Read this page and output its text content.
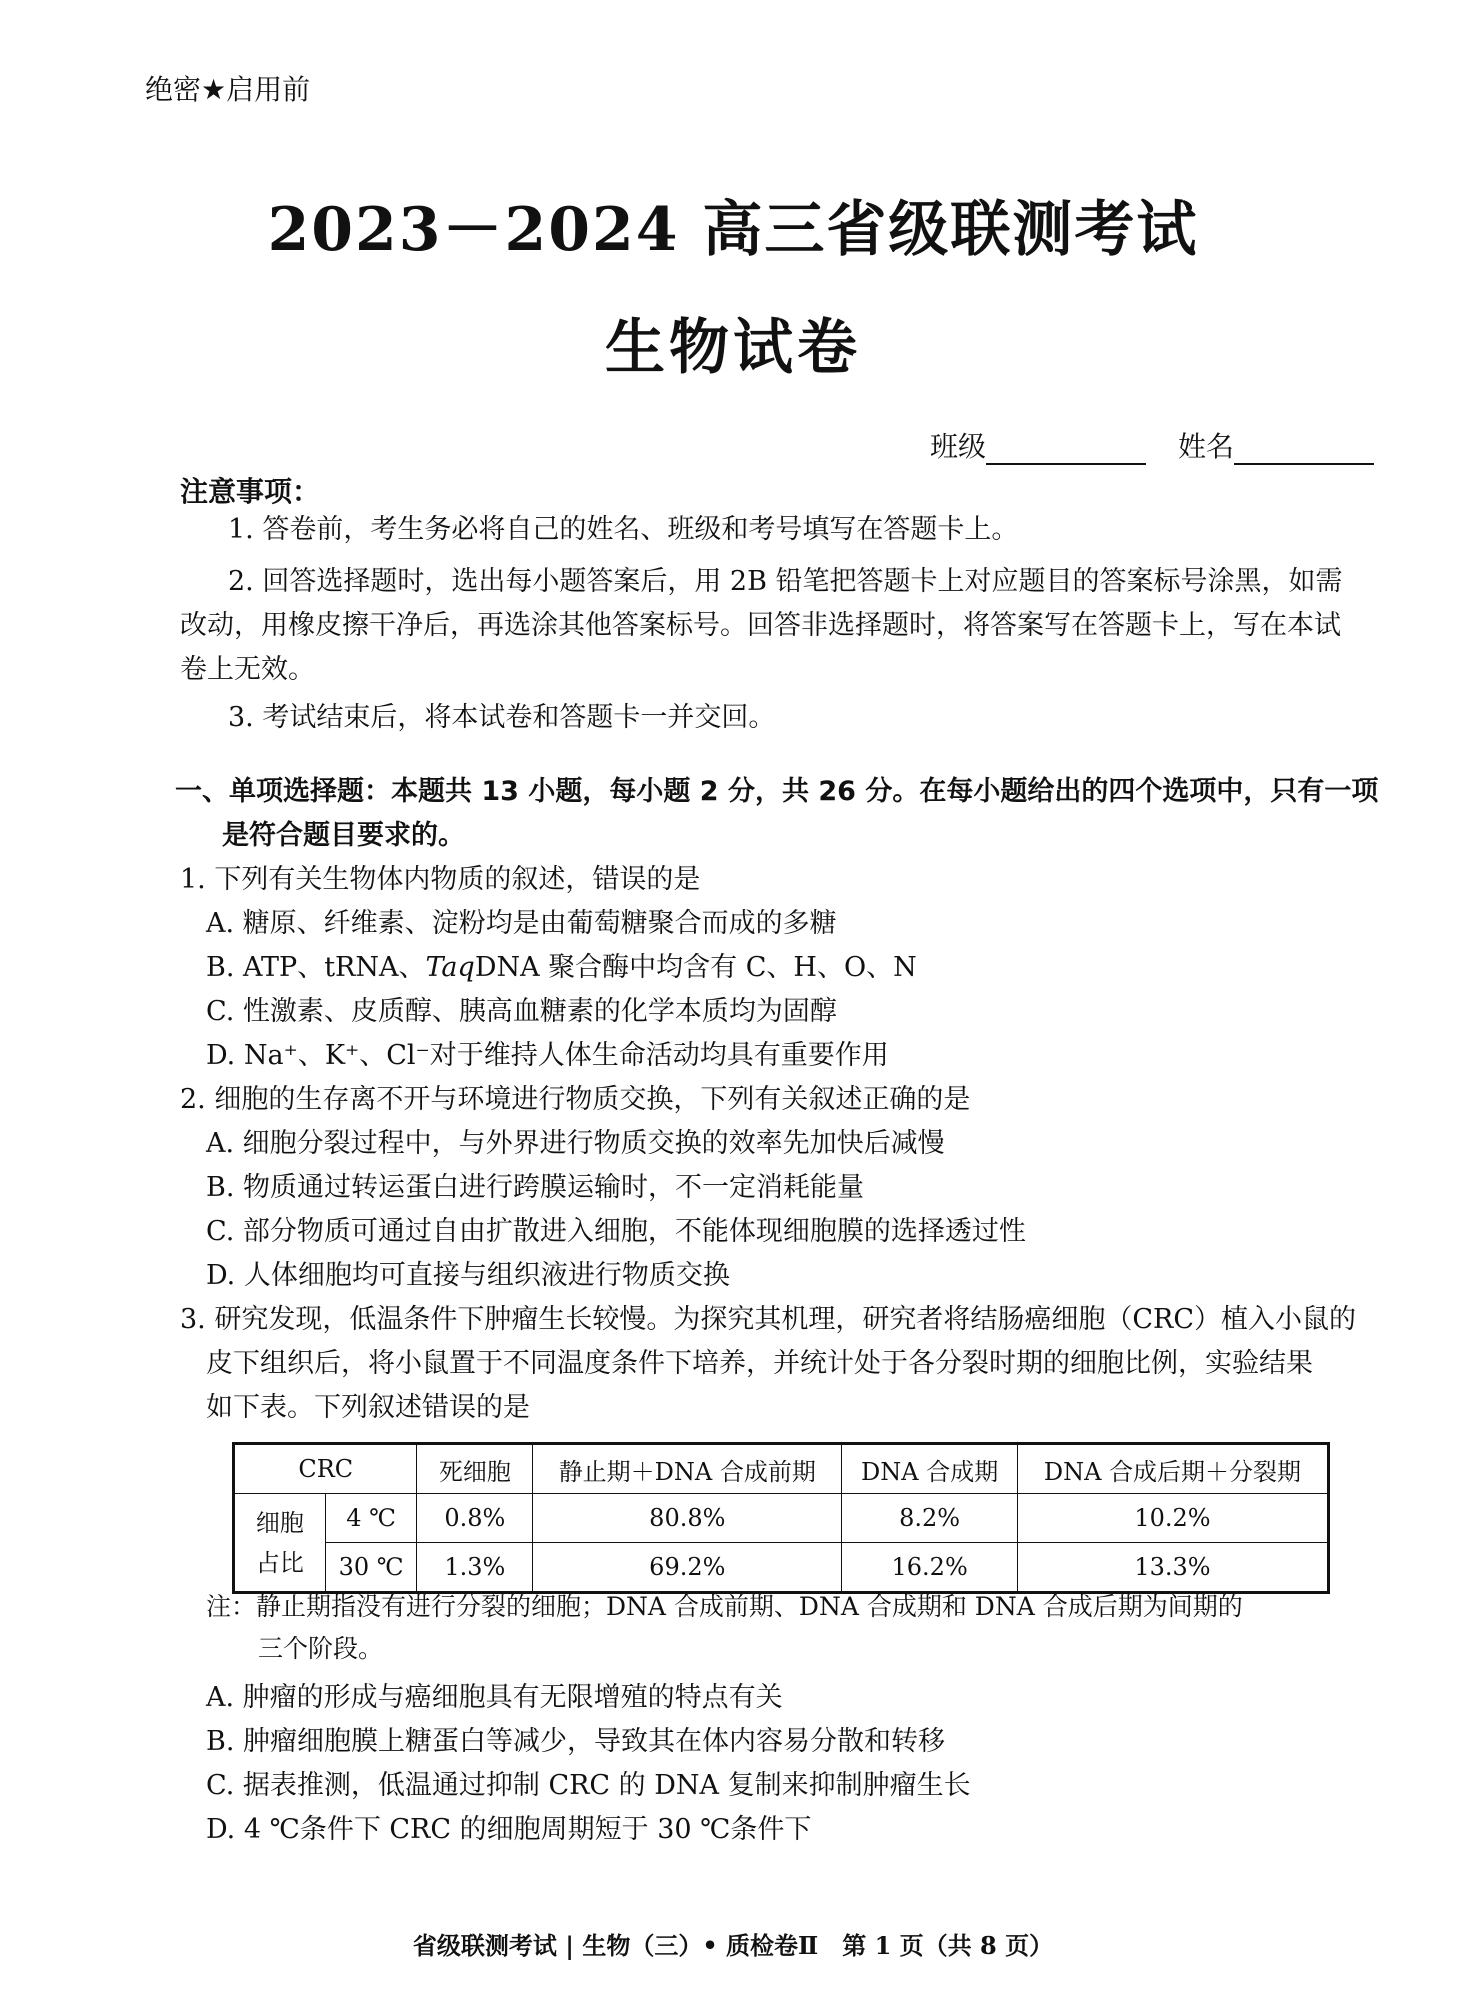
绝密★启用前
2023－2024 高三省级联测考试
生物试卷
班级	姓名
注意事项：
1. 答卷前，考生务必将自己的姓名、班级和考号填写在答题卡上。
2. 回答选择题时，选出每小题答案后，用 2B 铅笔把答题卡上对应题目的答案标号涂黑，如需
改动，用橡皮擦干净后，再选涂其他答案标号。回答非选择题时，将答案写在答题卡上，写在本试
卷上无效。
3. 考试结束后，将本试卷和答题卡一并交回。
一、单项选择题：本题共 13 小题，每小题 2 分，共 26 分。在每小题给出的四个选项中，只有一项
是符合题目要求的。
1. 下列有关生物体内物质的叙述，错误的是
A. 糖原、纤维素、淀粉均是由葡萄糖聚合而成的多糖
B. ATP、tRNA、TaqDNA 聚合酶中均含有 C、H、O、N
C. 性激素、皮质醇、胰高血糖素的化学本质均为固醇
D. Na⁺、K⁺、Cl⁻对于维持人体生命活动均具有重要作用
2. 细胞的生存离不开与环境进行物质交换，下列有关叙述正确的是
A. 细胞分裂过程中，与外界进行物质交换的效率先加快后减慢
B. 物质通过转运蛋白进行跨膜运输时，不一定消耗能量
C. 部分物质可通过自由扩散进入细胞，不能体现细胞膜的选择透过性
D. 人体细胞均可直接与组织液进行物质交换
3. 研究发现，低温条件下肿瘤生长较慢。为探究其机理，研究者将结肠癌细胞（CRC）植入小鼠的
皮下组织后，将小鼠置于不同温度条件下培养，并统计处于各分裂时期的细胞比例，实验结果
如下表。下列叙述错误的是
CRC		死细胞	静止期＋DNA 合成前期	DNA 合成期	DNA 合成后期＋分裂期
细胞
占比	4 ℃	0.8%	80.8%	8.2%	10.2%
	30 ℃	1.3%	69.2%	16.2%	13.3%
注：静止期指没有进行分裂的细胞；DNA 合成前期、DNA 合成期和 DNA 合成后期为间期的
三个阶段。
A. 肿瘤的形成与癌细胞具有无限增殖的特点有关
B. 肿瘤细胞膜上糖蛋白等减少，导致其在体内容易分散和转移
C. 据表推测，低温通过抑制 CRC 的 DNA 复制来抑制肿瘤生长
D. 4 ℃条件下 CRC 的细胞周期短于 30 ℃条件下
省级联测考试 | 生物（三）• 质检卷Ⅱ　第 1 页（共 8 页）
